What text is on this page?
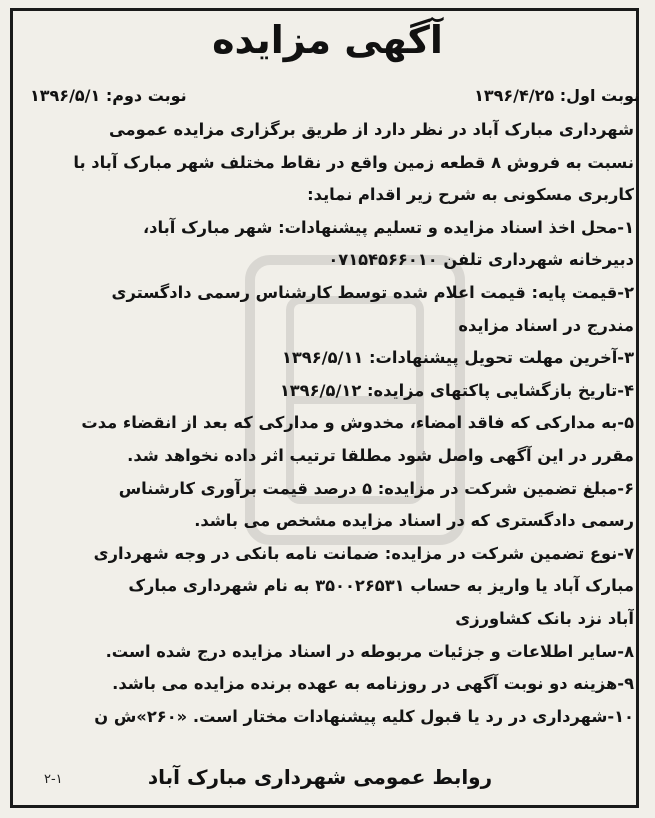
آگهی مزایده
نوبت اول: ۱۳۹۶/۴/۲۵
نوبت دوم: ۱۳۹۶/۵/۱
شهرداری مبارک آباد در نظر دارد از طریق برگزاری مزایده عمومی
نسبت به فروش ۸ قطعه زمین واقع در نقاط مختلف شهر مبارک آباد با
کاربری مسکونی به شرح زیر اقدام نماید:
۱-محل اخذ اسناد مزایده و تسلیم پیشنهادات: شهر مبارک آباد،
دبیرخانه شهرداری تلفن ۰۷۱۵۴۵۶۶۰۱۰
۲-قیمت پایه: قیمت اعلام شده توسط کارشناس رسمی دادگستری
مندرج در اسناد مزایده
۳-آخرین مهلت تحویل پیشنهادات: ۱۳۹۶/۵/۱۱
۴-تاریخ بازگشایی پاکتهای مزایده: ۱۳۹۶/۵/۱۲
۵-به مدارکی که فاقد امضاء، مخدوش و مدارکی که بعد از انقضاء مدت
مقرر در این آگهی واصل شود مطلقا ترتیب اثر داده نخواهد شد.
۶-مبلغ تضمین شرکت در مزایده: ۵ درصد قیمت برآوری کارشناس
رسمی دادگستری که در اسناد مزایده مشخص می باشد.
۷-نوع تضمین شرکت در مزایده: ضمانت نامه بانکی در وجه شهرداری
مبارک آباد یا واریز به حساب ۳۵۰۰۲۶۵۳۱ به نام شهرداری مبارک
آباد نزد بانک کشاورزی
۸-سایر اطلاعات و جزئیات مربوطه در اسناد مزایده درج شده است.
۹-هزینه دو نوبت آگهی در روزنامه به عهده برنده مزایده می باشد.
۱۰-شهرداری در رد یا قبول کلیه پیشنهادات مختار است. «۲۶۰»ش ن
روابط عمومی شهرداری مبارک آباد
۲-۱
